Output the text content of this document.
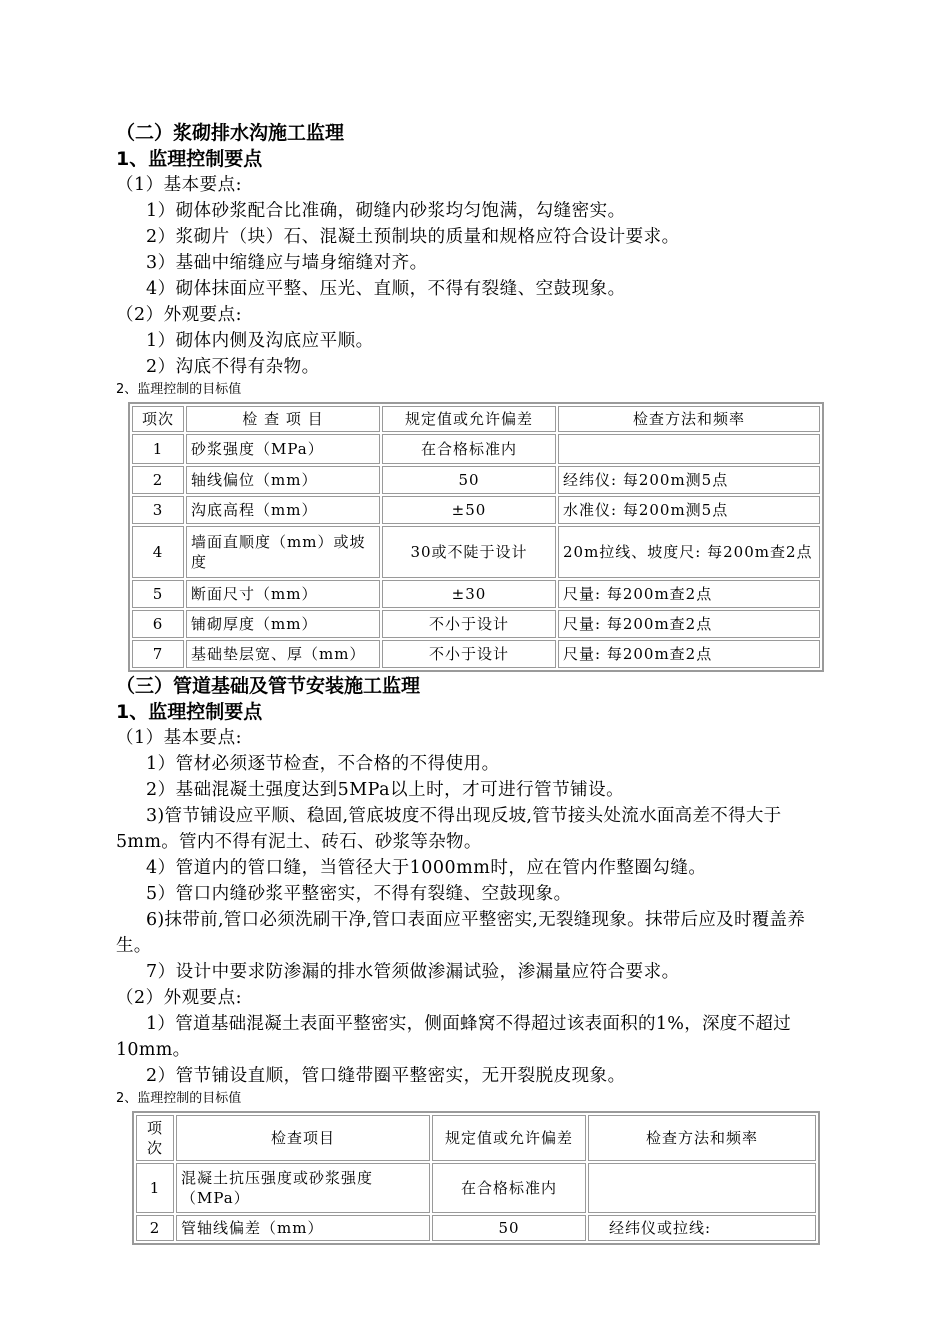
（二）浆砌排水沟施工监理
1、监理控制要点
（1）基本要点:
1）砌体砂浆配合比准确，砌缝内砂浆均匀饱满，勾缝密实。
2）浆砌片（块）石、混凝土预制块的质量和规格应符合设计要求。
3）基础中缩缝应与墙身缩缝对齐。
4）砌体抹面应平整、压光、直顺，不得有裂缝、空鼓现象。
（2）外观要点:
1）砌体内侧及沟底应平顺。
2）沟底不得有杂物。
2、监理控制的目标值
项次	检 查 项 目	规定值或允许偏差	检查方法和频率
1	砂浆强度（MPa）	在合格标准内	
2	轴线偏位（mm）	50	经纬仪: 每200m测5点
3	沟底高程（mm）	±50	水准仪: 每200m测5点
4	墙面直顺度（mm）或坡度	30或不陡于设计	20m拉线、坡度尺: 每200m查2点
5	断面尺寸（mm）	±30	尺量: 每200m查2点
6	铺砌厚度（mm）	不小于设计	尺量: 每200m查2点
7	基础垫层宽、厚（mm）	不小于设计	尺量: 每200m查2点
（三）管道基础及管节安装施工监理
1、监理控制要点
（1）基本要点:
1）管材必须逐节检查，不合格的不得使用。
2）基础混凝土强度达到5MPa以上时，才可进行管节铺设。
3)管节铺设应平顺、稳固,管底坡度不得出现反坡,管节接头处流水面高差不得大于5mm。管内不得有泥土、砖石、砂浆等杂物。
4）管道内的管口缝，当管径大于1000mm时，应在管内作整圈勾缝。
5）管口内缝砂浆平整密实，不得有裂缝、空鼓现象。
6)抹带前,管口必须洗刷干净,管口表面应平整密实,无裂缝现象。抹带后应及时覆盖养生。
7）设计中要求防渗漏的排水管须做渗漏试验，渗漏量应符合要求。
（2）外观要点:
1）管道基础混凝土表面平整密实，侧面蜂窝不得超过该表面积的1%，深度不超过10mm。
2）管节铺设直顺，管口缝带圈平整密实，无开裂脱皮现象。
2、监理控制的目标值
项次	检查项目	规定值或允许偏差	检查方法和频率
1	混凝土抗压强度或砂浆强度（MPa）	在合格标准内	
2	管轴线偏差（mm）	50	经纬仪或拉线:
